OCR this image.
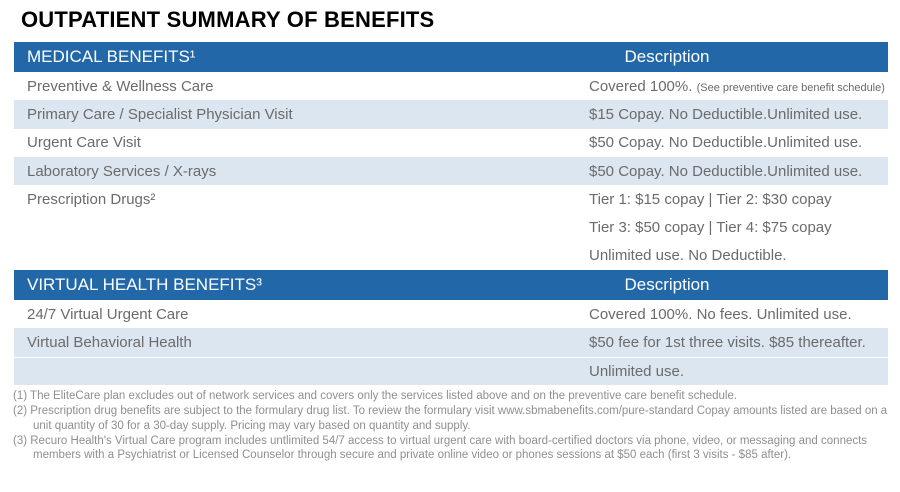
OUTPATIENT SUMMARY OF BENEFITS
MEDICAL BENEFITS¹	Description
Preventive & Wellness Care	Covered 100%. (See preventive care benefit schedule)
Primary Care / Specialist Physician Visit	$15 Copay. No Deductible.Unlimited use.
Urgent Care Visit	$50 Copay. No Deductible.Unlimited use.
Laboratory Services / X-rays	$50 Copay. No Deductible.Unlimited use.
Prescription Drugs²	Tier 1: $15 copay | Tier 2: $30 copay
Tier 3: $50 copay | Tier 4: $75 copay
Unlimited use. No Deductible.
VIRTUAL HEALTH BENEFITS³	Description
24/7 Virtual Urgent Care	Covered 100%. No fees. Unlimited use.
Virtual Behavioral Health	$50 fee for 1st three visits. $85 thereafter.
Unlimited use.
(1) The EliteCare plan excludes out of network services and covers only the services listed above and on the preventive care benefit schedule.
(2) Prescription drug benefits are subject to the formulary drug list. To review the formulary visit www.sbmabenefits.com/pure-standard Copay amounts listed are based on a unit quantity of 30 for a 30-day supply. Pricing may vary based on quantity and supply.
(3) Recuro Health's Virtual Care program includes untlimited 54/7 access to virtual urgent care with board-certified doctors via phone, video, or messaging and connects members with a Psychiatrist or Licensed Counselor through secure and private online video or phones sessions at $50 each (first 3 visits - $85 after).
